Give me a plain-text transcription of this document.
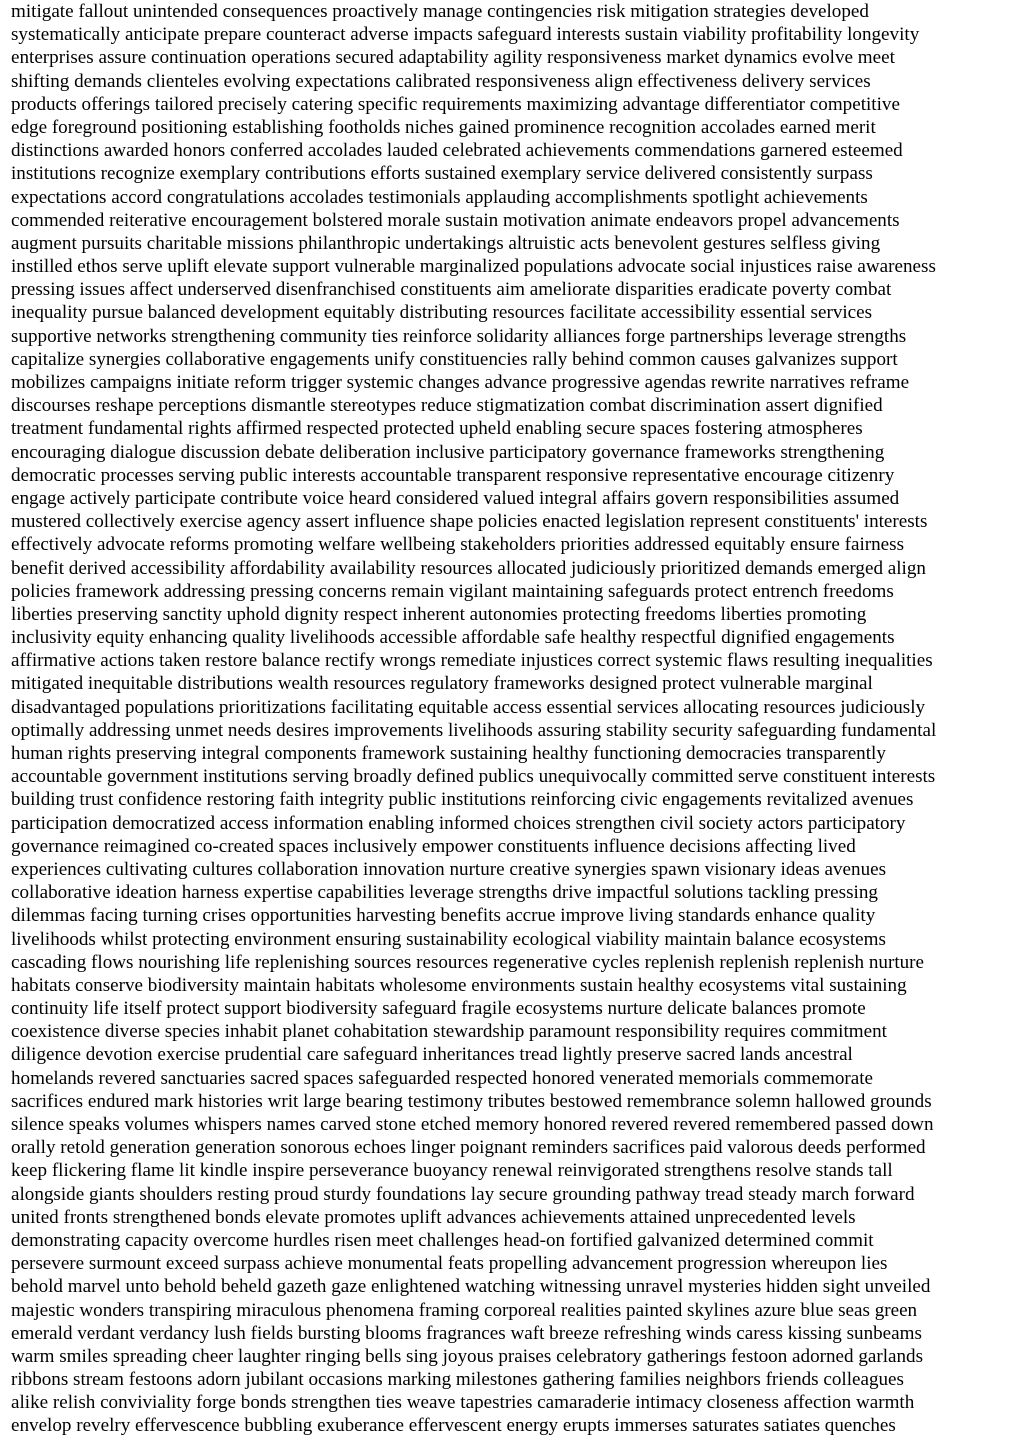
mitigate fallout unintended consequences proactively manage contingencies risk mitigation strategies developed
systematically anticipate prepare counteract adverse impacts safeguard interests sustain viability profitability longevity
enterprises assure continuation operations secured adaptability agility responsiveness market dynamics evolve meet
shifting demands clienteles evolving expectations calibrated responsiveness align effectiveness delivery services
products offerings tailored precisely catering specific requirements maximizing advantage differentiator competitive
edge foreground positioning establishing footholds niches gained prominence recognition accolades earned merit
distinctions awarded honors conferred accolades lauded celebrated achievements commendations garnered esteemed
institutions recognize exemplary contributions efforts sustained exemplary service delivered consistently surpass
expectations accord congratulations accolades testimonials applauding accomplishments spotlight achievements
commended reiterative encouragement bolstered morale sustain motivation animate endeavors propel advancements
augment pursuits charitable missions philanthropic undertakings altruistic acts benevolent gestures selfless giving
instilled ethos serve uplift elevate support vulnerable marginalized populations advocate social injustices raise awareness
pressing issues affect underserved disenfranchised constituents aim ameliorate disparities eradicate poverty combat
inequality pursue balanced development equitably distributing resources facilitate accessibility essential services
supportive networks strengthening community ties reinforce solidarity alliances forge partnerships leverage strengths
capitalize synergies collaborative engagements unify constituencies rally behind common causes galvanizes support
mobilizes campaigns initiate reform trigger systemic changes advance progressive agendas rewrite narratives reframe
discourses reshape perceptions dismantle stereotypes reduce stigmatization combat discrimination assert dignified
treatment fundamental rights affirmed respected protected upheld enabling secure spaces fostering atmospheres
encouraging dialogue discussion debate deliberation inclusive participatory governance frameworks strengthening
democratic processes serving public interests accountable transparent responsive representative encourage citizenry
engage actively participate contribute voice heard considered valued integral affairs govern responsibilities assumed
mustered collectively exercise agency assert influence shape policies enacted legislation represent constituents' interests
effectively advocate reforms promoting welfare wellbeing stakeholders priorities addressed equitably ensure fairness
benefit derived accessibility affordability availability resources allocated judiciously prioritized demands emerged align
policies framework addressing pressing concerns remain vigilant maintaining safeguards protect entrench freedoms
liberties preserving sanctity uphold dignity respect inherent autonomies protecting freedoms liberties promoting
inclusivity equity enhancing quality livelihoods accessible affordable safe healthy respectful dignified engagements
affirmative actions taken restore balance rectify wrongs remediate injustices correct systemic flaws resulting inequalities
mitigated inequitable distributions wealth resources regulatory frameworks designed protect vulnerable marginal
disadvantaged populations prioritizations facilitating equitable access essential services allocating resources judiciously
optimally addressing unmet needs desires improvements livelihoods assuring stability security safeguarding fundamental
human rights preserving integral components framework sustaining healthy functioning democracies transparently
accountable government institutions serving broadly defined publics unequivocally committed serve constituent interests
building trust confidence restoring faith integrity public institutions reinforcing civic engagements revitalized avenues
participation democratized access information enabling informed choices strengthen civil society actors participatory
governance reimagined co-created spaces inclusively empower constituents influence decisions affecting lived
experiences cultivating cultures collaboration innovation nurture creative synergies spawn visionary ideas avenues
collaborative ideation harness expertise capabilities leverage strengths drive impactful solutions tackling pressing
dilemmas facing turning crises opportunities harvesting benefits accrue improve living standards enhance quality
livelihoods whilst protecting environment ensuring sustainability ecological viability maintain balance ecosystems
cascading flows nourishing life replenishing sources resources regenerative cycles replenish replenish replenish nurture
habitats conserve biodiversity maintain habitats wholesome environments sustain healthy ecosystems vital sustaining
continuity life itself protect support biodiversity safeguard fragile ecosystems nurture delicate balances promote
coexistence diverse species inhabit planet cohabitation stewardship paramount responsibility requires commitment
diligence devotion exercise prudential care safeguard inheritances tread lightly preserve sacred lands ancestral
homelands revered sanctuaries sacred spaces safeguarded respected honored venerated memorials commemorate
sacrifices endured mark histories writ large bearing testimony tributes bestowed remembrance solemn hallowed grounds
silence speaks volumes whispers names carved stone etched memory honored revered revered remembered passed down
orally retold generation generation sonorous echoes linger poignant reminders sacrifices paid valorous deeds performed
keep flickering flame lit kindle inspire perseverance buoyancy renewal reinvigorated strengthens resolve stands tall
alongside giants shoulders resting proud sturdy foundations lay secure grounding pathway tread steady march forward
united fronts strengthened bonds elevate promotes uplift advances achievements attained unprecedented levels
demonstrating capacity overcome hurdles risen meet challenges head-on fortified galvanized determined commit
persevere surmount exceed surpass achieve monumental feats propelling advancement progression whereupon lies
behold marvel unto behold beheld gazeth gaze enlightened watching witnessing unravel mysteries hidden sight unveiled
majestic wonders transpiring miraculous phenomena framing corporeal realities painted skylines azure blue seas green
emerald verdant verdancy lush fields bursting blooms fragrances waft breeze refreshing winds caress kissing sunbeams
warm smiles spreading cheer laughter ringing bells sing joyous praises celebratory gatherings festoon adorned garlands
ribbons stream festoons adorn jubilant occasions marking milestones gathering families neighbors friends colleagues
alike relish conviviality forge bonds strengthen ties weave tapestries camaraderie intimacy closeness affection warmth
envelop revelry effervescence bubbling exuberance effervescent energy erupts immerses saturates satiates quenches
